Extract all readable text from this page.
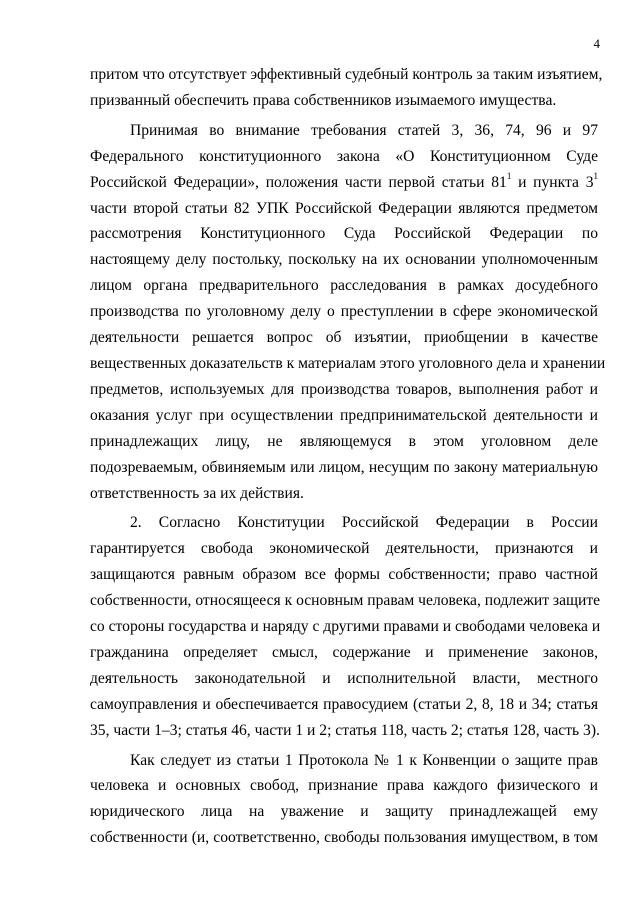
4

притом что отсутствует эффективный судебный контроль за таким изъятием,
призванный обеспечить права собственников изымаемого имущества.

Принимая во внимание требования статей 3, 36, 74, 96 и 97
Федерального конституционного закона «О Конституционном Суде
Российской Федерации», положения части первой статьи $81^1$ и пункта $3^1$
части второй статьи 82 УПК Российской Федерации являются предметом
рассмотрения Конституционного Суда Российской Федерации по
настоящему делу постольку, поскольку на их основании уполномоченным
лицом органа предварительного расследования в рамках досудебного
производства по уголовному делу о преступлении в сфере экономической
деятельности решается вопрос об изъятии, приобщении в качестве
вещественных доказательств к материалам этого уголовного дела и хранении
предметов, используемых для производства товаров, выполнения работ и
оказания услуг при осуществлении предпринимательской деятельности и
принадлежащих лицу, не являющемуся в этом уголовном деле
подозреваемым, обвиняемым или лицом, несущим по закону материальную
ответственность за их действия.

2. Согласно Конституции Российской Федерации в России
гарантируется свобода экономической деятельности, признаются и
защищаются равным образом все формы собственности; право частной
собственности, относящееся к основным правам человека, подлежит защите
со стороны государства и наряду с другими правами и свободами человека и
гражданина определяет смысл, содержание и применение законов,
деятельность законодательной и исполнительной власти, местного
самоуправления и обеспечивается правосудием (статьи 2, 8, 18 и 34; статья
35, части 1–3; статья 46, части 1 и 2; статья 118, часть 2; статья 128, часть 3).

Как следует из статьи 1 Протокола № 1 к Конвенции о защите прав
человека и основных свобод, признание права каждого физического и
юридического лица на уважение и защиту принадлежащей ему
собственности (и, соответственно, свободы пользования имуществом, в том
